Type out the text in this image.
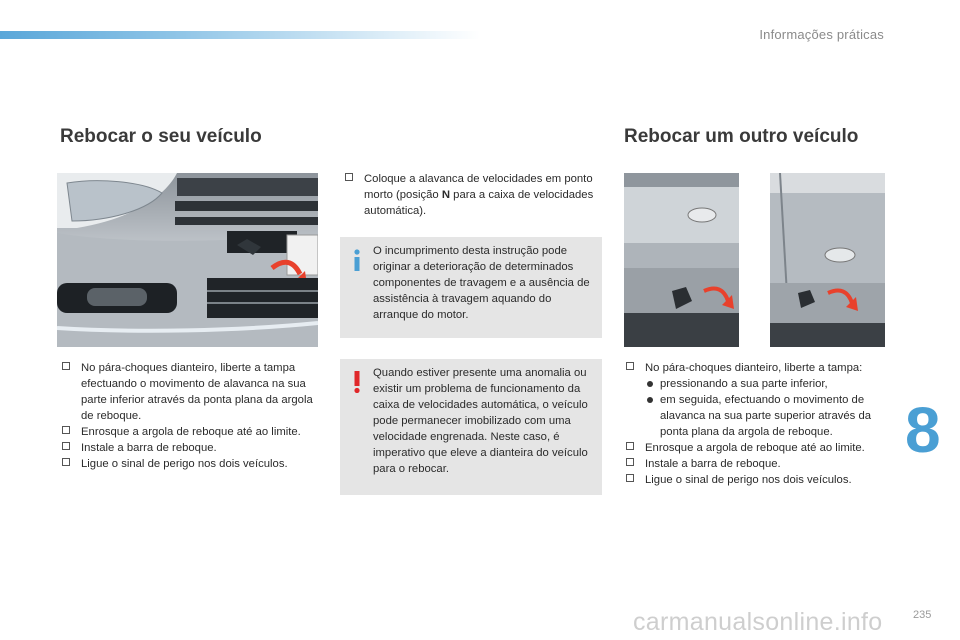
Informações práticas
Rebocar o seu veículo	Rebocar um outro veículo
No pára-choques dianteiro, liberte a tampa efectuando o movimento de alavanca na sua parte inferior através da ponta plana da argola de reboque.
Enrosque a argola de reboque até ao limite.
Instale a barra de reboque.
Ligue o sinal de perigo nos dois veículos.
Coloque a alavanca de velocidades em ponto morto (posição N para a caixa de velocidades automática).
O incumprimento desta instrução pode originar a deterioração de determinados componentes de travagem e a ausência de assistência à travagem aquando do arranque do motor.
Quando estiver presente uma anomalia ou existir um problema de funcionamento da caixa de velocidades automática, o veículo pode permanecer imobilizado com uma velocidade engrenada. Neste caso, é imperativo que eleve a dianteira do veículo para o rebocar.
No pára-choques dianteiro, liberte a tampa:
pressionando a sua parte inferior,
em seguida, efectuando o movimento de alavanca na sua parte superior através da ponta plana da argola de reboque.
Enrosque a argola de reboque até ao limite.
Instale a barra de reboque.
Ligue o sinal de perigo nos dois veículos.
8
235
carmanualsonline.info
